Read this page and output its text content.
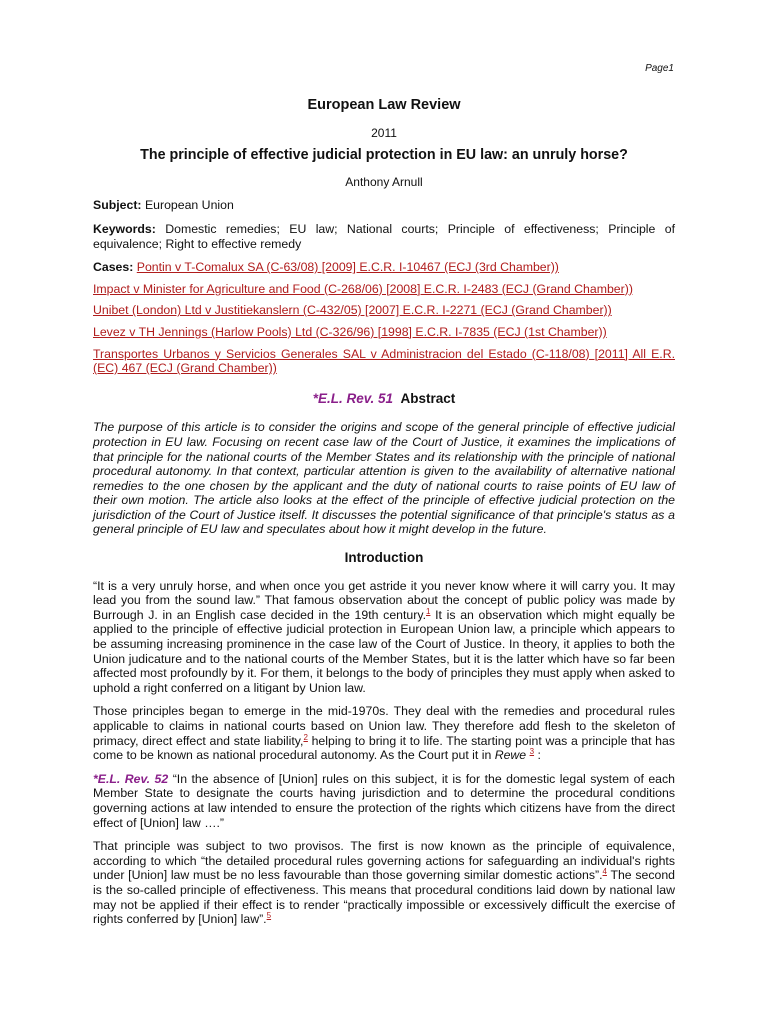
Page1
European Law Review
2011
The principle of effective judicial protection in EU law: an unruly horse?
Anthony Arnull

Subject: European Union

Keywords: Domestic remedies; EU law; National courts; Principle of effectiveness; Principle of equivalence; Right to effective remedy

Cases: Pontin v T-Comalux SA (C-63/08) [2009] E.C.R. I-10467 (ECJ (3rd Chamber))

Impact v Minister for Agriculture and Food (C-268/06) [2008] E.C.R. I-2483 (ECJ (Grand Chamber))

Unibet (London) Ltd v Justitiekanslern (C-432/05) [2007] E.C.R. I-2271 (ECJ (Grand Chamber))

Levez v TH Jennings (Harlow Pools) Ltd (C-326/96) [1998] E.C.R. I-7835 (ECJ (1st Chamber))

Transportes Urbanos y Servicios Generales SAL v Administracion del Estado (C-118/08) [2011] All E.R. (EC) 467 (ECJ (Grand Chamber))

*E.L. Rev. 51 Abstract

The purpose of this article is to consider the origins and scope of the general principle of effective judicial protection in EU law. Focusing on recent case law of the Court of Justice, it examines the implications of that principle for the national courts of the Member States and its relationship with the principle of national procedural autonomy. In that context, particular attention is given to the availability of alternative national remedies to the one chosen by the applicant and the duty of national courts to raise points of EU law of their own motion. The article also looks at the effect of the principle of effective judicial protection on the jurisdiction of the Court of Justice itself. It discusses the potential significance of that principle's status as a general principle of EU law and speculates about how it might develop in the future.

Introduction

“It is a very unruly horse, and when once you get astride it you never know where it will carry you. It may lead you from the sound law.” That famous observation about the concept of public policy was made by Burrough J. in an English case decided in the 19th century.$^1$ It is an observation which might equally be applied to the principle of effective judicial protection in European Union law, a principle which appears to be assuming increasing prominence in the case law of the Court of Justice. In theory, it applies to both the Union judicature and to the national courts of the Member States, but it is the latter which have so far been affected most profoundly by it. For them, it belongs to the body of principles they must apply when asked to uphold a right conferred on a litigant by Union law.

Those principles began to emerge in the mid-1970s. They deal with the remedies and procedural rules applicable to claims in national courts based on Union law. They therefore add flesh to the skeleton of primacy, direct effect and state liability,$^2$ helping to bring it to life. The starting point was a principle that has come to be known as national procedural autonomy. As the Court put it in Rewe $^3$ :

*E.L. Rev. 52 “In the absence of [Union] rules on this subject, it is for the domestic legal system of each Member State to designate the courts having jurisdiction and to determine the procedural conditions governing actions at law intended to ensure the protection of the rights which citizens have from the direct effect of [Union] law ….”

That principle was subject to two provisos. The first is now known as the principle of equivalence, according to which “the detailed procedural rules governing actions for safeguarding an individual's rights under [Union] law must be no less favourable than those governing similar domestic actions”.$^4$ The second is the so-called principle of effectiveness. This means that procedural conditions laid down by national law may not be applied if their effect is to render “practically impossible or excessively difficult the exercise of rights conferred by [Union] law”.$^5$
